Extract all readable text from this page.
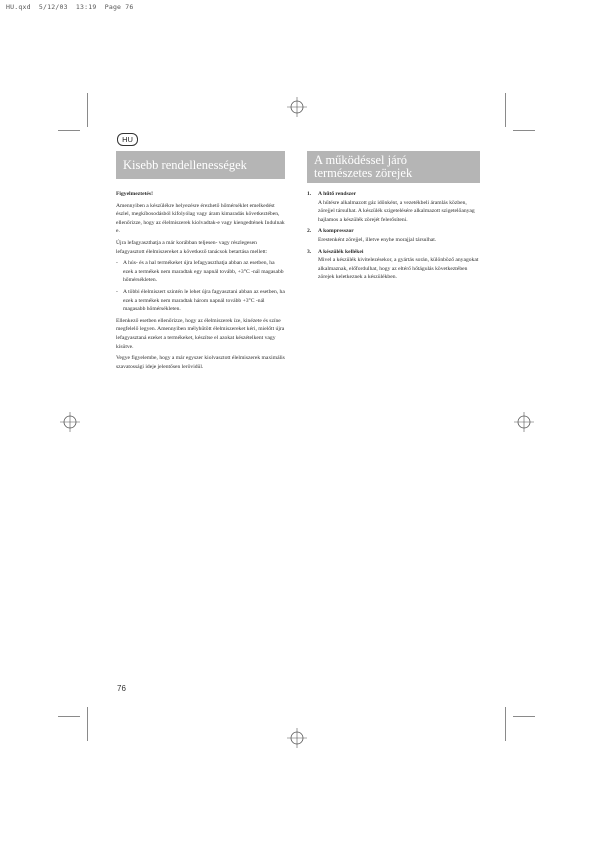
HU.qxd  5/12/03  13:19  Page 76
HU
Kisebb rendellenességek	A működéssel járó
természetes zörejek

Figyelmeztetés!

Amennyiben a készülékre helyezésre érezhető hőmérséklet emelkedést észlel, megkíbosodásból kifolyólag vagy áram kimaradás következtében, ellenőrizze, hogy az élelmiszerek kiolvadtak-e vagy kiengedtének Indulnak e.

Újra lefagyaszthatja a már korábban teljesen- vagy részlegesen lefagyasztott élelmiszereket a következő tanácsok betartása mellett:

- A hús- és a hal termékeket újra lefagyaszthatja abban az esetben, ha ezek a termékek nem maradtak egy napnál tovább, +3°C -nál magasabb hőmérsékleten.
- A többi élelmiszert szintén le lehet újra fagyasztani abban az esetben, ha ezek a termékek nem maradtak három napnál tovább +3°C -nál magasabb hőmérsékleten.

Ellenkező esetben ellenőrizze, hogy az élelmiszerek íze, kinézete és színe megfelelő legyen. Amennyiben mélyhűtött élelmiszereket kéri, mielőtt újra lefagyasztaná ezeket a termékeket, készítse el azokat készételkent vagy kísütve.

Vegye figyelembe, hogy a már egyszer kiolvasztott élelmiszerek maximális szavatossági ideje jelentősen lerövidül.

1. A hűtő rendszer
A hűtésre alkalmazott gáz időnként, a vezetékbeli áramlás közben, zörejjel társulhat. A készülék szigetelésére alkalmazott szigetelőanyag hajlamos a készülék zörejét felerősíteni.
2. A kompresszor
Erestenként zörejjel, illetve enyhe morajjal társulhat.
3. A készülék kellékei
Mivel a készülék kivitelezésekor, a gyártás során, különböző anyagokat alkalmaznak, előfordulhat, hogy az eltérő hőtágulás következtében zörejek keletkeznek a készülékben.
76
